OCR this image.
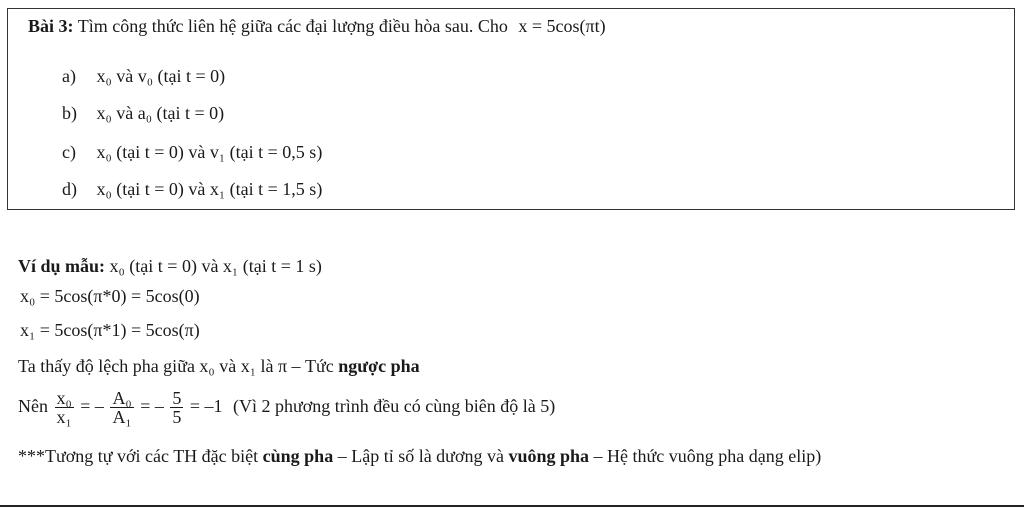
Bài 3: Tìm công thức liên hệ giữa các đại lượng điều hòa sau. Cho x = 5cos(πt)
a) x₀ và v₀ (tại t = 0)
b) x₀ và a₀ (tại t = 0)
c) x₀ (tại t = 0) và v₁ (tại t = 0,5 s)
d) x₀ (tại t = 0) và x₁ (tại t = 1,5 s)
Ví dụ mẫu: x₀ (tại t = 0) và x₁ (tại t = 1 s)
x₀ = 5cos(π*0) = 5cos(0)
x₁ = 5cos(π*1) = 5cos(π)
Ta thấy độ lệch pha giữa x₀ và x₁ là π – Tức ngược pha
Nên $\frac{\text{x₀}}{\text{x₁}}$ = – $\frac{\text{A₀}}{\text{A₁}}$ = – $\frac{5}{5} = -1$ (Vì 2 phương trình đều có cùng biên độ là 5)
***Tương tự với các TH đặc biệt cùng pha – Lập tỉ số là dương và vuông pha – Hệ thức vuông pha dạng elip)
